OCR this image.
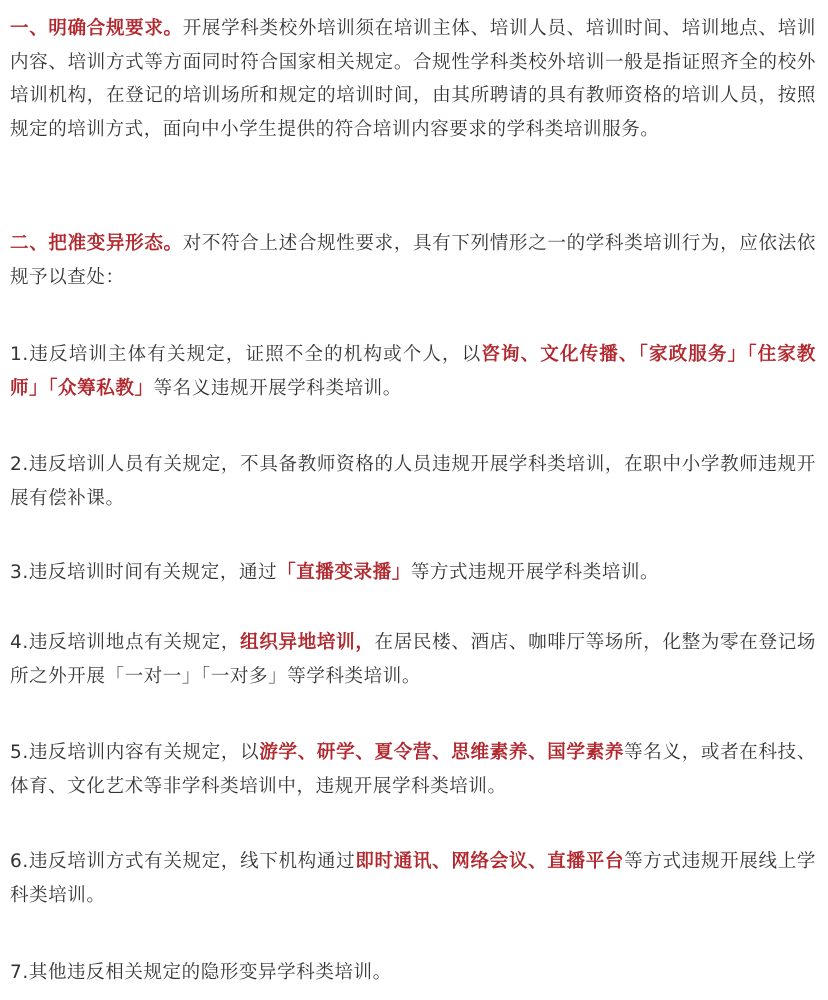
一、明确合规要求。开展学科类校外培训须在培训主体、培训人员、培训时间、培训地点、培训内容、培训方式等方面同时符合国家相关规定。合规性学科类校外培训一般是指证照齐全的校外培训机构，在登记的培训场所和规定的培训时间，由其所聘请的具有教师资格的培训人员，按照规定的培训方式，面向中小学生提供的符合培训内容要求的学科类培训服务。

二、把准变异形态。对不符合上述合规性要求，具有下列情形之一的学科类培训行为，应依法依规予以查处：

1.违反培训主体有关规定，证照不全的机构或个人，以咨询、文化传播、「家政服务」「住家教师」「众筹私教」等名义违规开展学科类培训。

2.违反培训人员有关规定，不具备教师资格的人员违规开展学科类培训，在职中小学教师违规开展有偿补课。

3.违反培训时间有关规定，通过「直播变录播」等方式违规开展学科类培训。

4.违反培训地点有关规定，组织异地培训，在居民楼、酒店、咖啡厅等场所，化整为零在登记场所之外开展「一对一」「一对多」等学科类培训。

5.违反培训内容有关规定，以游学、研学、夏令营、思维素养、国学素养等名义，或者在科技、体育、文化艺术等非学科类培训中，违规开展学科类培训。

6.违反培训方式有关规定，线下机构通过即时通讯、网络会议、直播平台等方式违规开展线上学科类培训。

7.其他违反相关规定的隐形变异学科类培训。
